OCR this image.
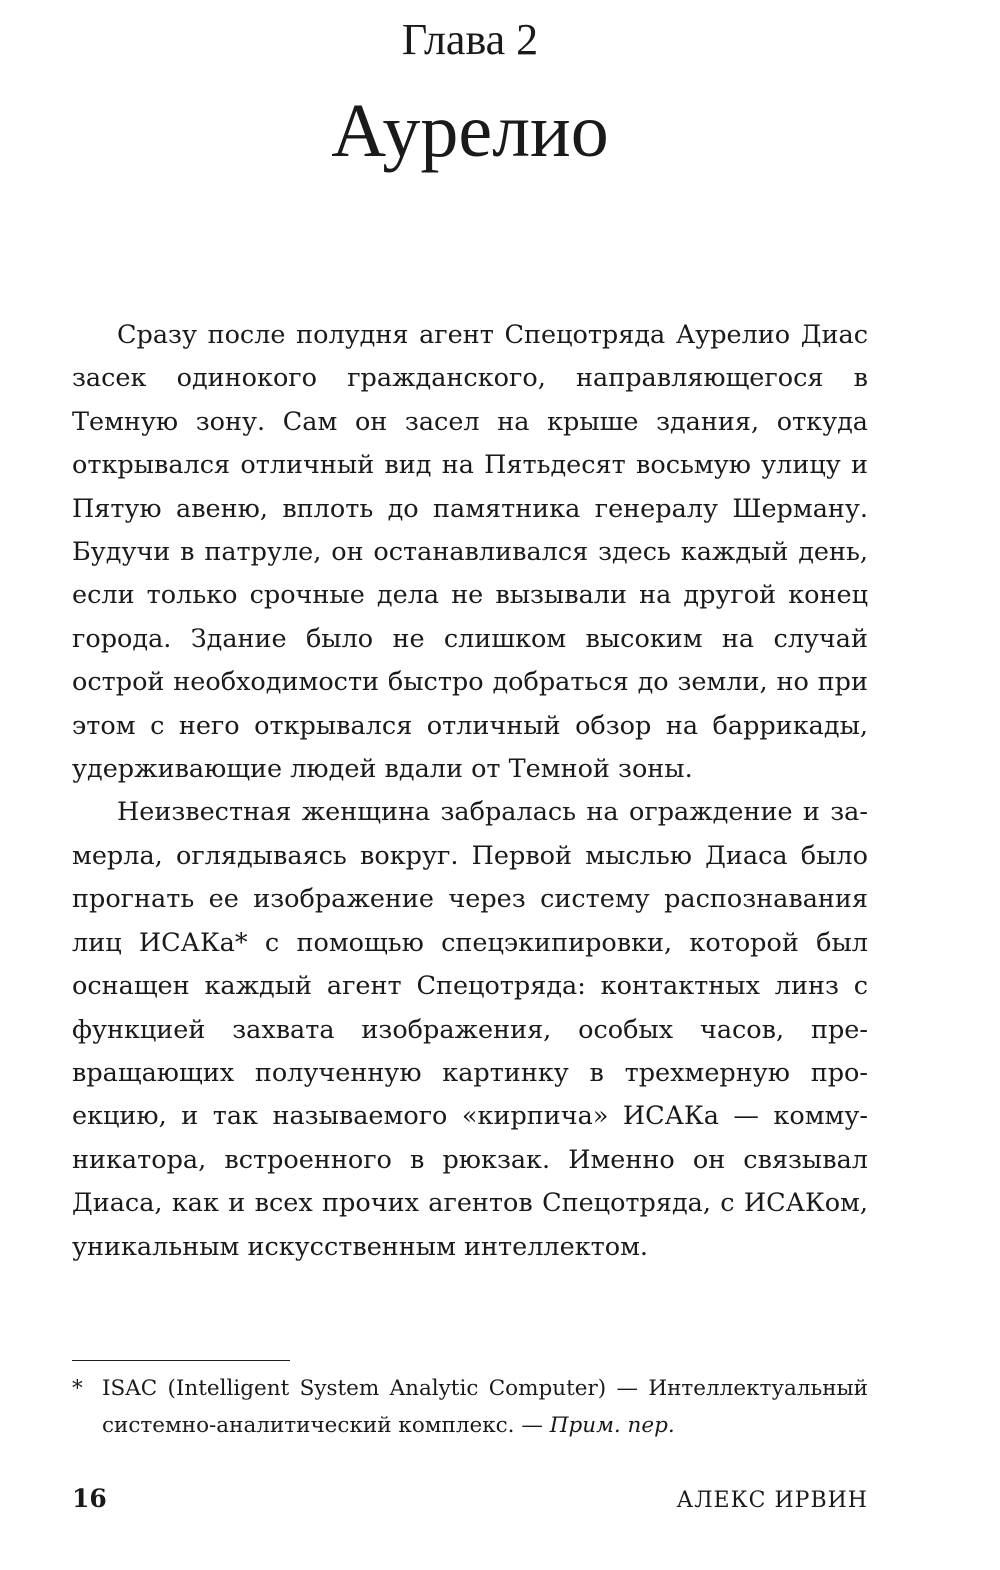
Глава 2
Аурелио

Сразу после полудня агент Спецотряда Аурелио Диас засек одинокого гражданского, направляющегося в Темную зону. Сам он засел на крыше здания, откуда открывался отличный вид на Пятьдесят восьмую улицу и Пятую авеню, вплоть до памятника генералу Шерману. Будучи в патруле, он останавливался здесь каждый день, если только срочные дела не вызывали на другой конец города. Здание было не слишком высоким на случай острой необходимости быстро добраться до земли, но при этом с него открывался отличный обзор на баррикады, удерживающие людей вдали от Темной зоны.

Неизвестная женщина забралась на ограждение и замерла, оглядываясь вокруг. Первой мыслью Диаса было прогнать ее изображение через систему распознавания лиц ИСАКа* с помощью спецэкипировки, которой был оснащен каждый агент Спецотряда: контактных линз с функцией захвата изображения, особых часов, превращающих полученную картинку в трехмерную проекцию, и так называемого «кирпича» ИСАКа — коммуникатора, встроенного в рюкзак. Именно он связывал Диаса, как и всех прочих агентов Спецотряда, с ИСАКом, уникальным искусственным интеллектом.

* ISAC (Intelligent System Analytic Computer) — Интеллектуальный системно-аналитический комплекс. — Прим. пер.
16	АЛЕКС ИРВИН
